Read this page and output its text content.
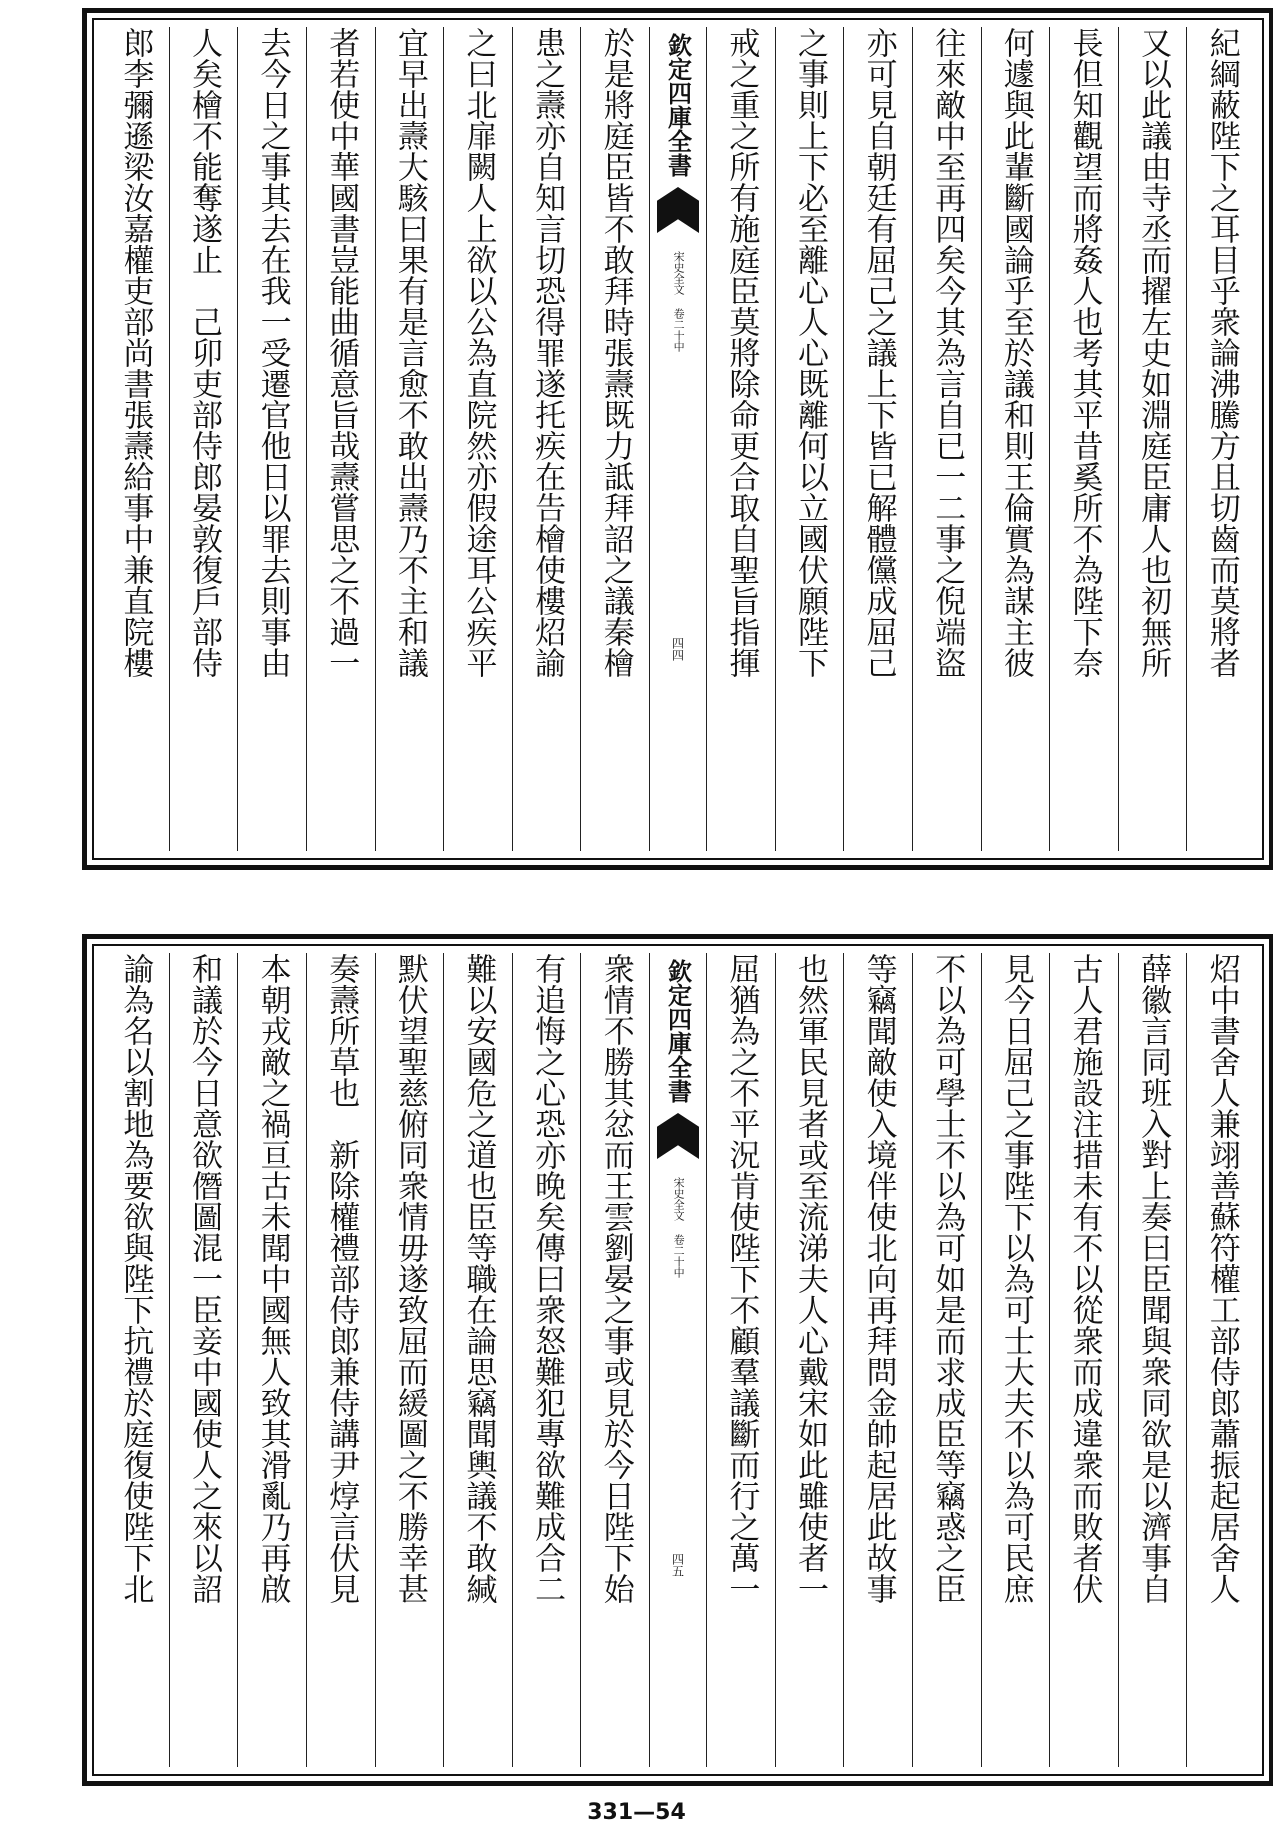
紀綱蔽陛下之耳目乎衆論沸騰方且切齒而莫將者
又以此議由寺丞而擢左史如淵庭臣庸人也初無所
長但知觀望而將姦人也考其平昔奚所不為陛下奈
何遽與此輩斷國論乎至於議和則王倫實為謀主彼
往來敵中至再四矣今其為言自已一二事之倪端盜
亦可見自朝廷有屈己之議上下皆已解體儻成屈己
之事則上下必至離心人心既離何以立國伏願陛下
戒之重之所有施庭臣莫將除命更合取自聖旨指揮
欽定四庫全書
宋史全文 卷二十中
四四
於是將庭臣皆不敢拜時張燾既力詆拜詔之議秦檜
患之燾亦自知言切恐得罪遂托疾在告檜使樓炤諭
之曰北扉闕人上欲以公為直院然亦假途耳公疾平
宜早出燾大駭曰果有是言愈不敢出燾乃不主和議
者若使中華國書豈能曲循意旨哉燾嘗思之不過一
去今日之事其去在我一受遷官他日以罪去則事由
人矣檜不能奪遂止　己卯吏部侍郎晏敦復戶部侍
郎李彌遜梁汝嘉權吏部尚書張燾給事中兼直院樓
炤中書舍人兼翊善蘇符權工部侍郎蕭振起居舍人
薛徽言同班入對上奏曰臣聞與衆同欲是以濟事自
古人君施設注措未有不以從衆而成違衆而敗者伏
見今日屈己之事陛下以為可士大夫不以為可民庶
不以為可學士不以為可如是而求成臣等竊惑之臣
等竊聞敵使入境伴使北向再拜問金帥起居此故事
也然軍民見者或至流涕夫人心戴宋如此雖使者一
屈猶為之不平況肯使陛下不顧羣議斷而行之萬一
欽定四庫全書
宋史全文 卷二十中
四五
衆情不勝其忿而王雲劉晏之事或見於今日陛下始
有追悔之心恐亦晚矣傳曰衆怒難犯專欲難成合二
難以安國危之道也臣等職在論思竊聞輿議不敢緘
默伏望聖慈俯同衆情毋遂致屈而緩圖之不勝幸甚
奏燾所草也　新除權禮部侍郎兼侍講尹焞言伏見
本朝戎敵之禍亘古未聞中國無人致其滑亂乃再啟
和議於今日意欲僭圖混一臣妾中國使人之來以詔
諭為名以割地為要欲與陛下抗禮於庭復使陛下北
331—54
